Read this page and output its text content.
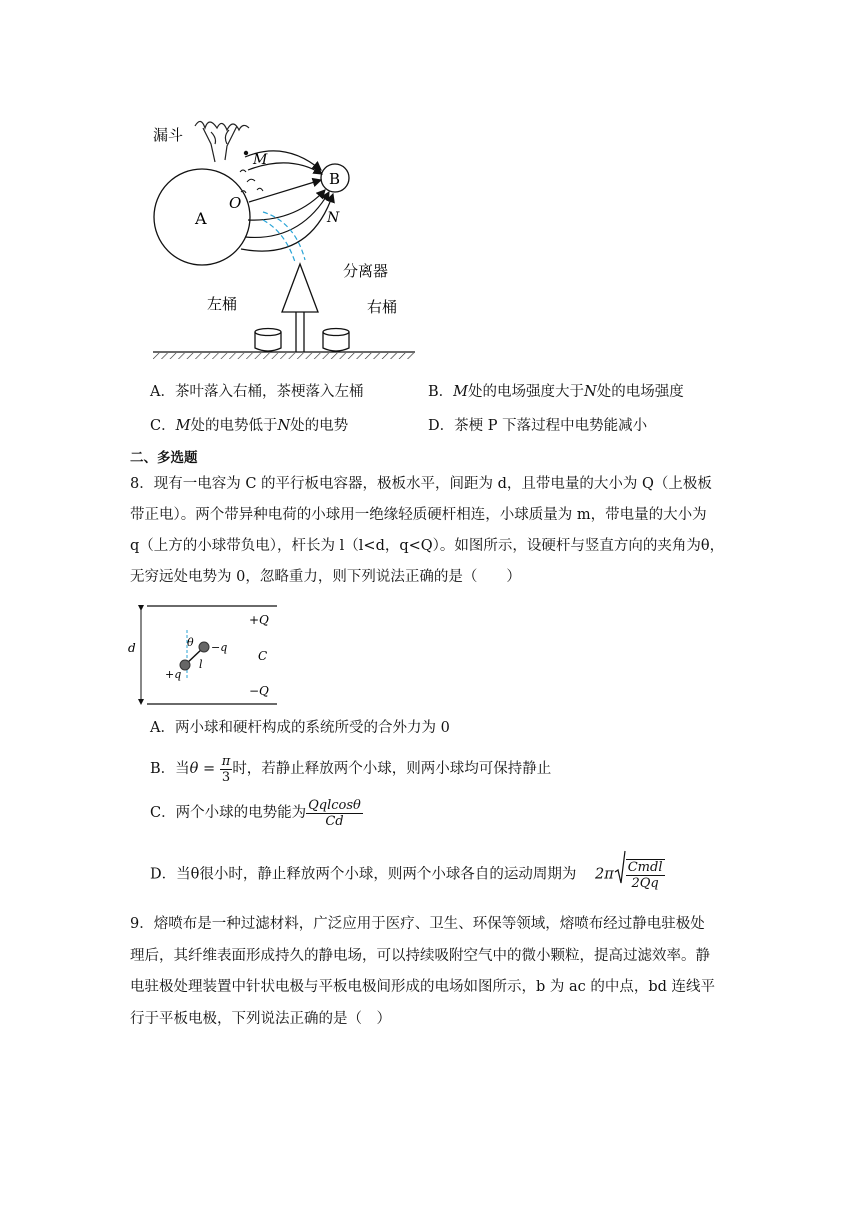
漏斗
M
B
O
A	N
分离器
左桶	右桶
A．茶叶落入右桶，茶梗落入左桶	B．M处的电场强度大于N处的电场强度
C．M处的电势低于N处的电势	D．茶梗 P 下落过程中电势能减小
二、多选题
8．现有一电容为 C 的平行板电容器，极板水平，间距为 d，且带电量的大小为 Q（上极板
带正电）。两个带异种电荷的小球用一绝缘轻质硬杆相连，小球质量为 m，带电量的大小为
q（上方的小球带负电），杆长为 l（l<d，q<Q）。如图所示，设硬杆与竖直方向的夹角为θ，
无穷远处电势为 0，忽略重力，则下列说法正确的是（　　）
d
+Q
C
−Q
θ −q
+q
l
A．两小球和硬杆构成的系统所受的合外力为 0
B．当$\theta = \frac{\pi}{3}$ 时，若静止释放两个小球，则两小球均可保持静止
C．两个小球的电势能为 $\frac{\text{Qqlcosθ}}{Cd}$
D．当θ很小时，静止释放两个小球，则两个小球各自的运动周期为 $2\pi \frac{\text{Cmdl}}{2Qq}$
9．熔喷布是一种过滤材料，广泛应用于医疗、卫生、环保等领域，熔喷布经过静电驻极处
理后，其纤维表面形成持久的静电场，可以持续吸附空气中的微小颗粒，提高过滤效率。静
电驻极处理装置中针状电极与平板电极间形成的电场如图所示，b 为 ac 的中点，bd 连线平
行于平板电极，下列说法正确的是（　）
